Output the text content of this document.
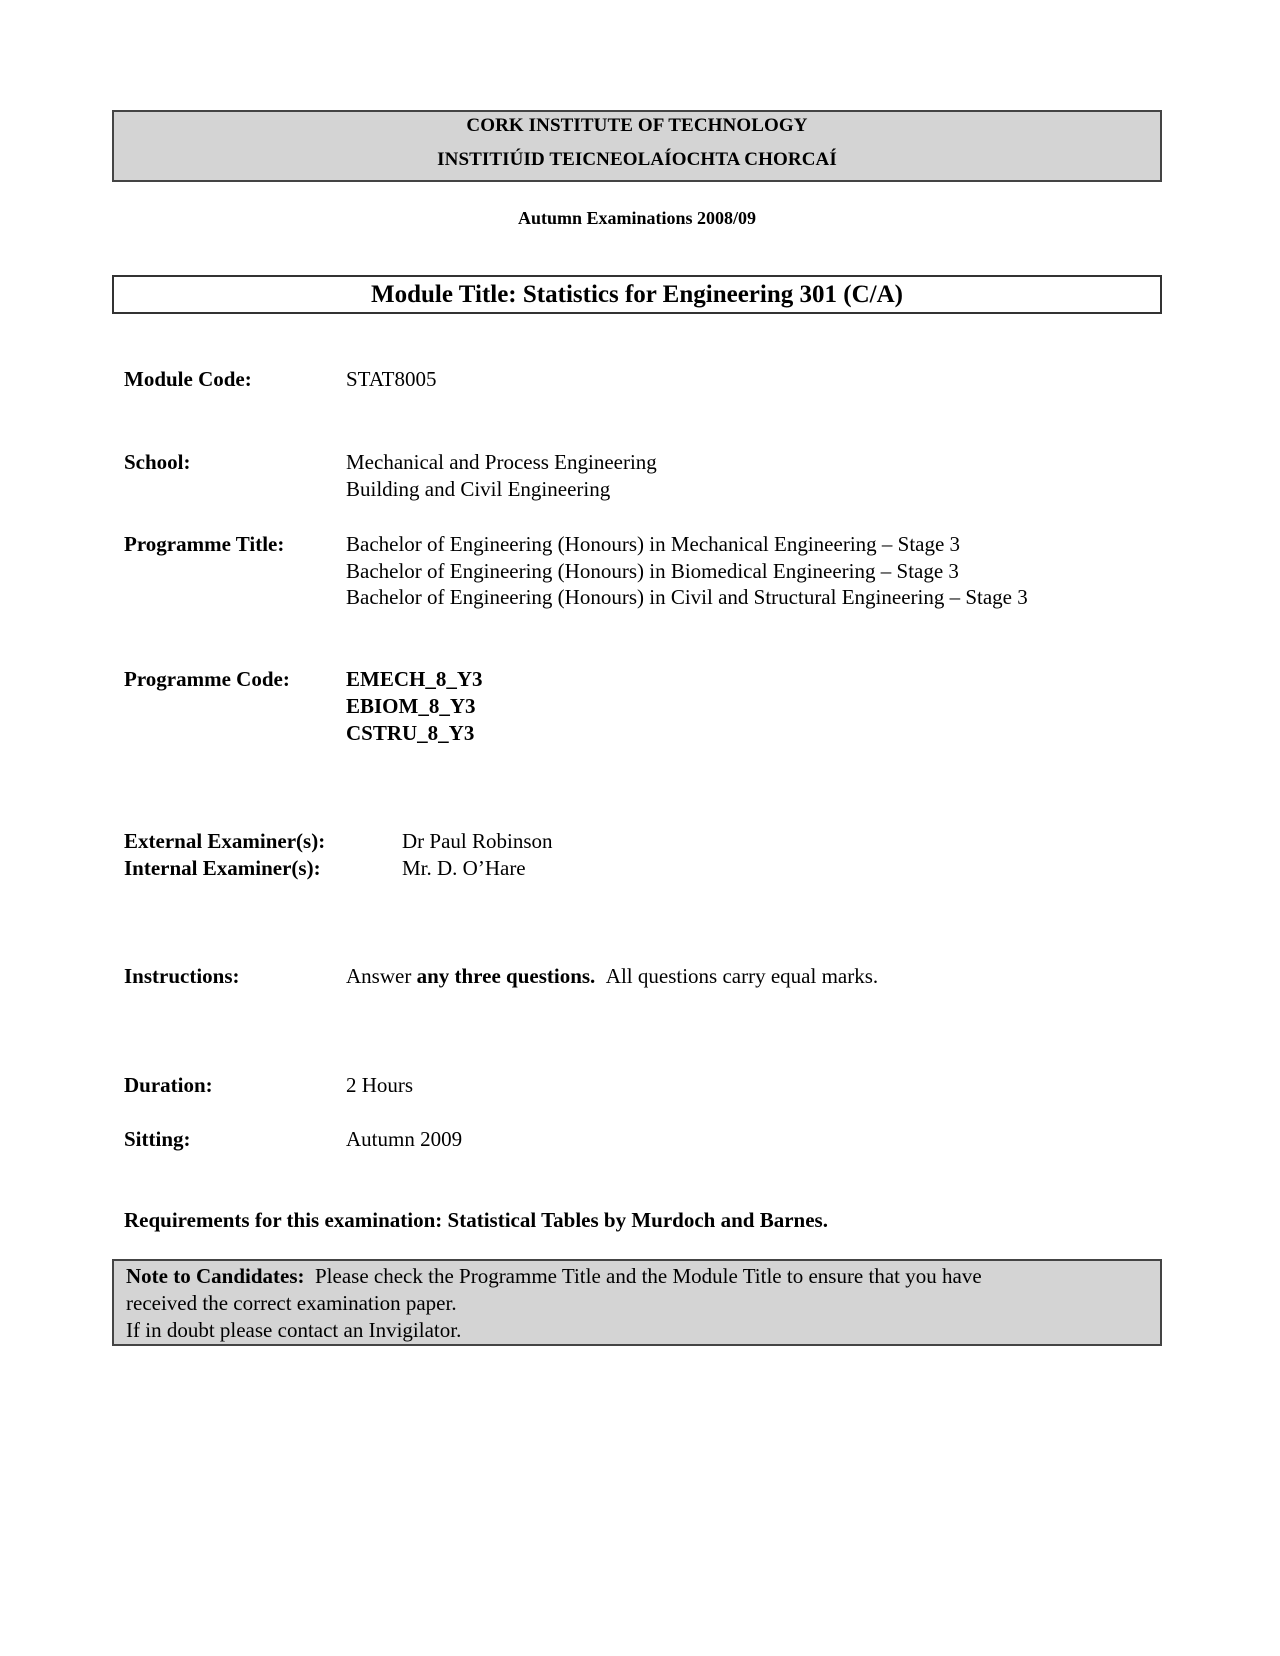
CORK INSTITUTE OF TECHNOLOGY
INSTITIÚID TEICNEOLAÍOCHTA CHORCAÍ
Autumn Examinations 2008/09
Module Title: Statistics for Engineering 301 (C/A)
Module Code:	STAT8005
School:	Mechanical and Process Engineering
Building and Civil Engineering
Programme Title:	Bachelor of Engineering (Honours) in Mechanical Engineering – Stage 3
Bachelor of Engineering (Honours) in Biomedical Engineering – Stage 3
Bachelor of Engineering (Honours) in Civil and Structural Engineering – Stage 3
Programme Code:	EMECH_8_Y3
EBIOM_8_Y3
CSTRU_8_Y3
External Examiner(s):	Dr Paul Robinson
Internal Examiner(s):	Mr. D. O’Hare
Instructions:	Answer any three questions. All questions carry equal marks.
Duration:	2 Hours
Sitting:	Autumn 2009
Requirements for this examination: Statistical Tables by Murdoch and Barnes.
Note to Candidates: Please check the Programme Title and the Module Title to ensure that you have
received the correct examination paper.
If in doubt please contact an Invigilator.
